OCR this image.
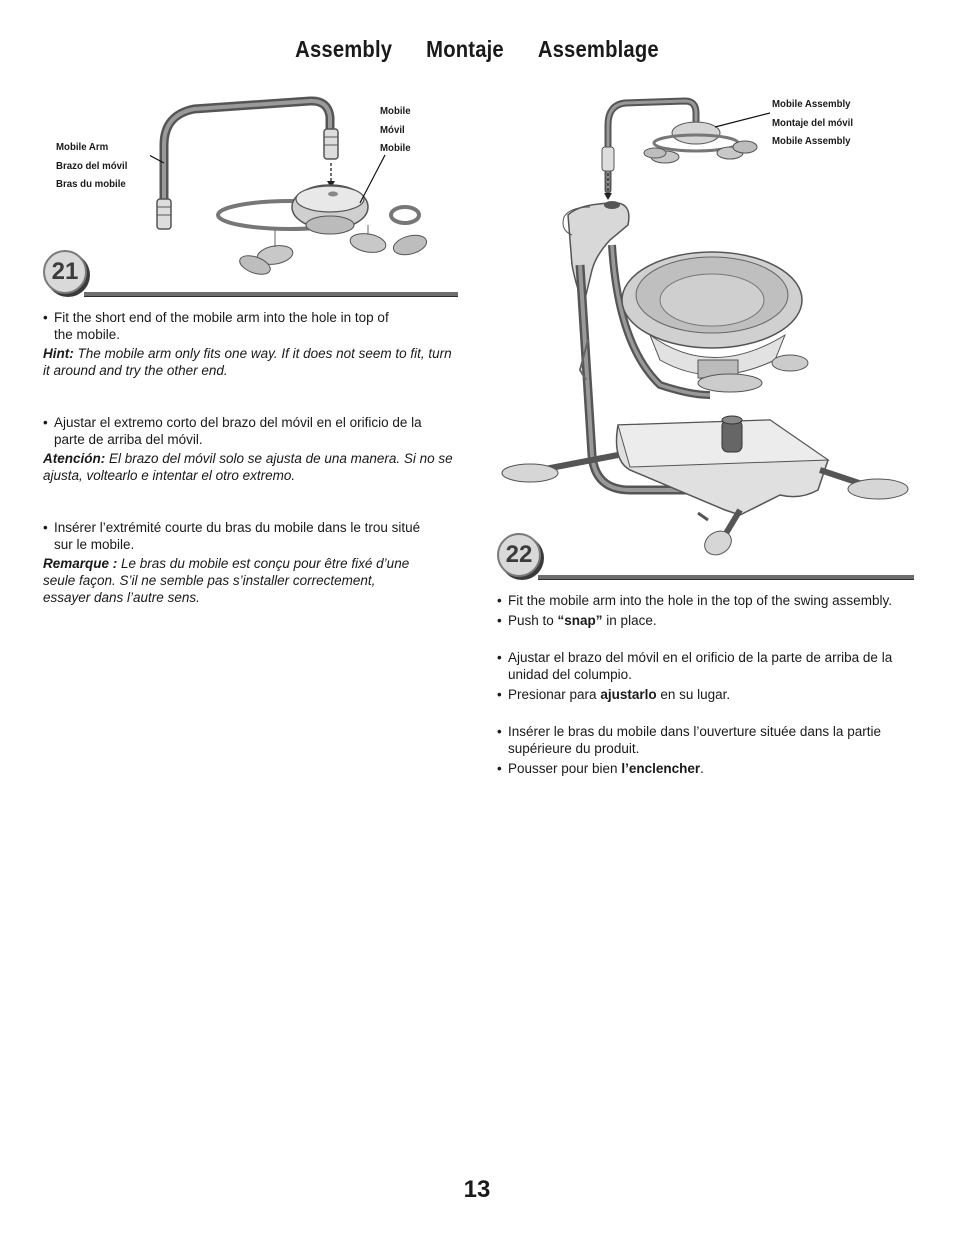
Assembly Montaje Assemblage
Mobile Arm
Brazo del móvil
Bras du mobile
Mobile
Móvil
Mobile
21

• Fit the short end of the mobile arm into the hole in top of
the mobile.

Hint: The mobile arm only fits one way. If it does not seem to fit, turn it around and try the other end.

• Ajustar el extremo corto del brazo del móvil en el orificio de la
parte de arriba del móvil.

Atención: El brazo del móvil solo se ajusta de una manera. Si no se ajusta, voltearlo e intentar el otro extremo.

• Insérer l’extrémité courte du bras du mobile dans le trou situé
sur le mobile.

Remarque : Le bras du mobile est conçu pour être fixé d’une
seule façon. S’il ne semble pas s’installer correctement,
essayer dans l’autre sens.

Mobile Assembly
Montaje del móvil
Mobile Assembly
22

• Fit the mobile arm into the hole in the top of the swing assembly.

• Push to “snap” in place.

• Ajustar el brazo del móvil en el orificio de la parte de arriba de la
unidad del columpio.

• Presionar para ajustarlo en su lugar.

• Insérer le bras du mobile dans l’ouverture située dans la partie
supérieure du produit.

• Pousser pour bien l’enclencher.

13
